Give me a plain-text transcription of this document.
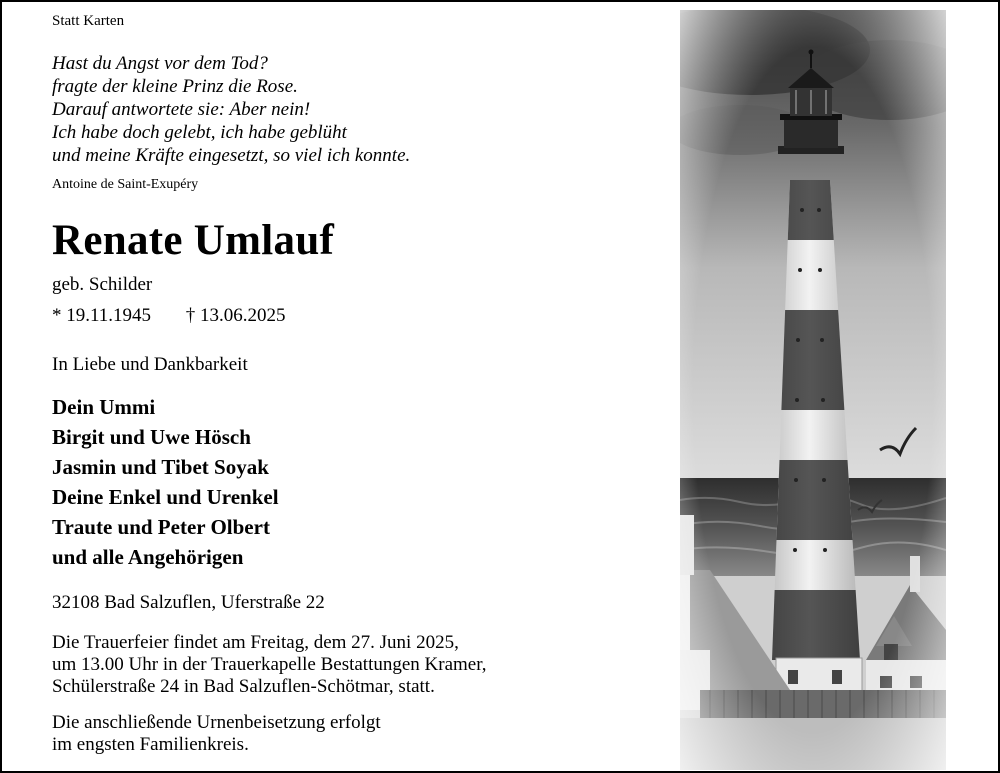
Statt Karten
Hast du Angst vor dem Tod?
fragte der kleine Prinz die Rose.
Darauf antwortete sie: Aber nein!
Ich habe doch gelebt, ich habe geblüht
und meine Kräfte eingesetzt, so viel ich konnte.
Antoine de Saint-Exupéry
Renate Umlauf
geb. Schilder
* 19.11.1945 † 13.06.2025
In Liebe und Dankbarkeit
Dein Ummi
Birgit und Uwe Hösch
Jasmin und Tibet Soyak
Deine Enkel und Urenkel
Traute und Peter Olbert
und alle Angehörigen
32108 Bad Salzuflen, Uferstraße 22
Die Trauerfeier findet am Freitag, dem 27. Juni 2025,
um 13.00 Uhr in der Trauerkapelle Bestattungen Kramer,
Schülerstraße 24 in Bad Salzuflen-Schötmar, statt.
Die anschließende Urnenbeisetzung erfolgt
im engsten Familienkreis.
